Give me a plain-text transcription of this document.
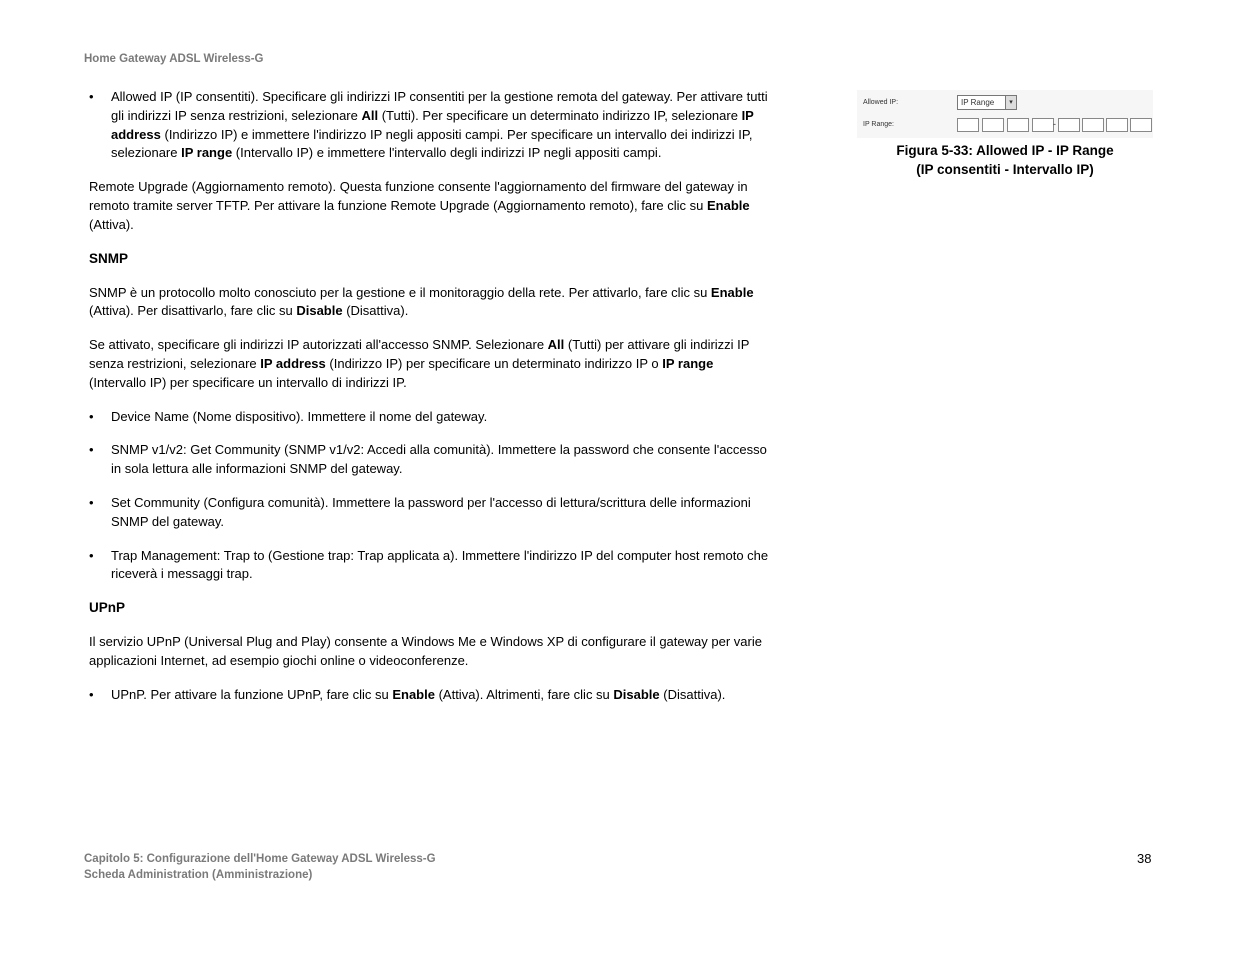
Home Gateway ADSL Wireless-G
• Allowed IP (IP consentiti). Specificare gli indirizzi IP consentiti per la gestione remota del gateway. Per attivare tutti gli indirizzi IP senza restrizioni, selezionare All (Tutti). Per specificare un determinato indirizzo IP, selezionare IP address (Indirizzo IP) e immettere l'indirizzo IP negli appositi campi. Per specificare un intervallo dei indirizzi IP, selezionare IP range (Intervallo IP) e immettere l'intervallo degli indirizzi IP negli appositi campi.

Remote Upgrade (Aggiornamento remoto). Questa funzione consente l'aggiornamento del firmware del gateway in remoto tramite server TFTP. Per attivare la funzione Remote Upgrade (Aggiornamento remoto), fare clic su Enable (Attiva).

SNMP

SNMP è un protocollo molto conosciuto per la gestione e il monitoraggio della rete. Per attivarlo, fare clic su Enable (Attiva). Per disattivarlo, fare clic su Disable (Disattiva).

Se attivato, specificare gli indirizzi IP autorizzati all'accesso SNMP. Selezionare All (Tutti) per attivare gli indirizzi IP senza restrizioni, selezionare IP address (Indirizzo IP) per specificare un determinato indirizzo IP o IP range (Intervallo IP) per specificare un intervallo di indirizzi IP.

• Device Name (Nome dispositivo). Immettere il nome del gateway.
• SNMP v1/v2: Get Community (SNMP v1/v2: Accedi alla comunità). Immettere la password che consente l'accesso in sola lettura alle informazioni SNMP del gateway.
• Set Community (Configura comunità). Immettere la password per l'accesso di lettura/scrittura delle informazioni SNMP del gateway.
• Trap Management: Trap to (Gestione trap: Trap applicata a). Immettere l'indirizzo IP del computer host remoto che riceverà i messaggi trap.
UPnP

Il servizio UPnP (Universal Plug and Play) consente a Windows Me e Windows XP di configurare il gateway per varie applicazioni Internet, ad esempio giochi online o videoconferenze.

• UPnP. Per attivare la funzione UPnP, fare clic su Enable (Attiva). Altrimenti, fare clic su Disable (Disattiva).
Allowed IP:
IP Range:
IP Range	▾
-
Figura 5-33: Allowed IP - IP Range
(IP consentiti - Intervallo IP)
Capitolo 5: Configurazione dell'Home Gateway ADSL Wireless-G
Scheda Administration (Amministrazione)
38
